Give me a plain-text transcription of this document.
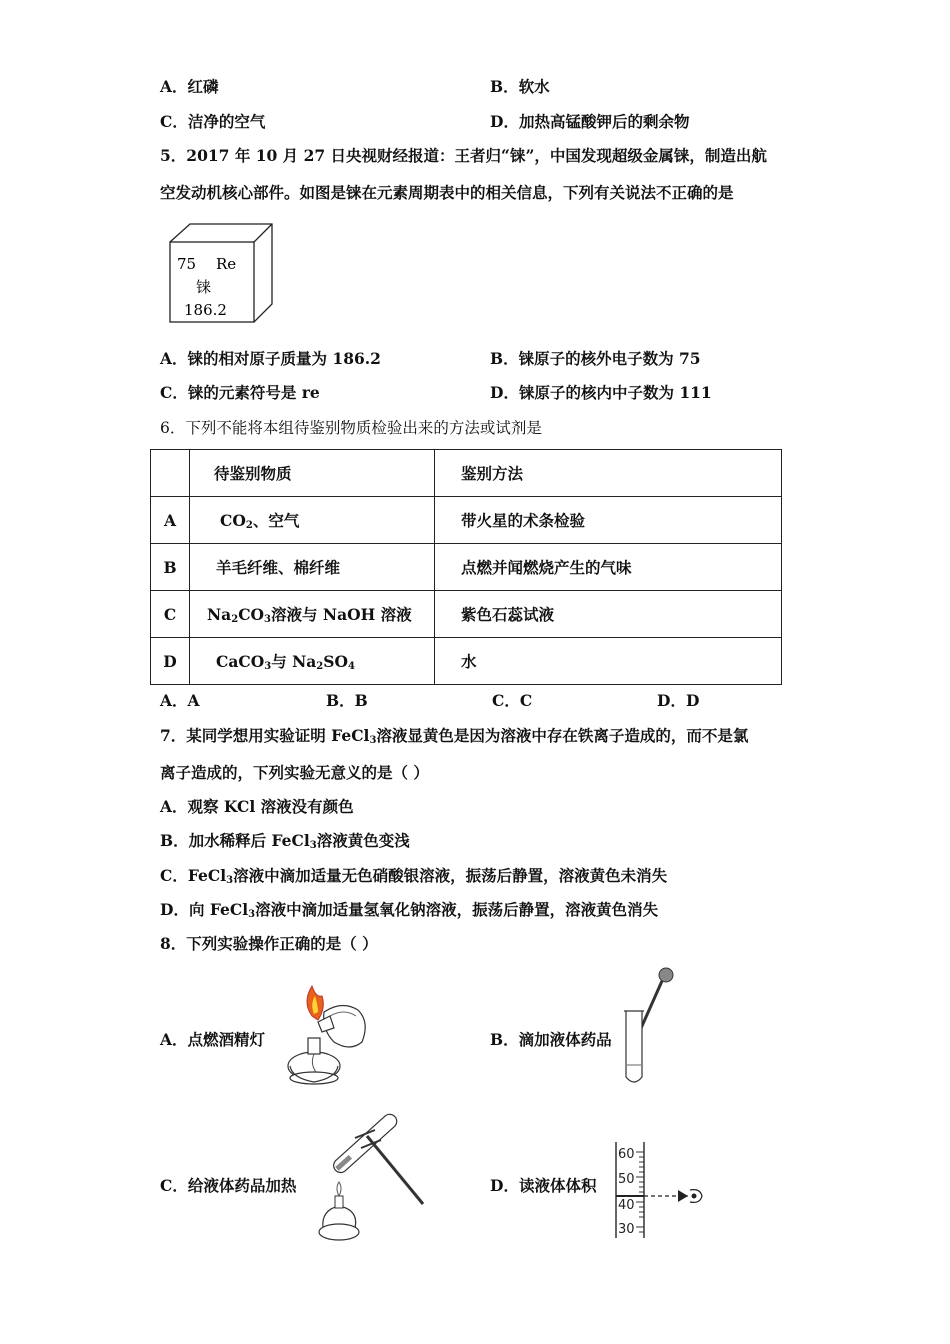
A．红磷	B．软水
C．洁净的空气	D．加热高锰酸钾后的剩余物
5．2017 年 10 月 27 日央视财经报道：王者归“铼”，中国发现超级金属铼，制造出航
空发动机核心部件。如图是铼在元素周期表中的相关信息，下列有关说法不正确的是
75 Re
铼
186.2
A．铼的相对原子质量为 186.2	B．铼原子的核外电子数为 75
C．铼的元素符号是 re	D．铼原子的核内中子数为 111
6．下列不能将本组待鉴别物质检验出来的方法或试剂是
	待鉴别物质	鉴别方法
A	$CO_2$、空气	带火星的术条检验
B	羊毛纤维、棉纤维	点燃并闻燃烧产生的气味
C	$Na_2CO_3$溶液与 NaOH 溶液	紫色石蕊试液
D	CaCO$_3$与 $Na_2SO_4$	水
A．A	B．B	C．C	D．D
7．某同学想用实验证明 FeCl$_3$溶液显黄色是因为溶液中存在铁离子造成的，而不是氯
离子造成的，下列实验无意义的是（ ）
A．观察 KCl 溶液没有颜色
B．加水稀释后 FeCl$_3$溶液黄色变浅
C．FeCl$_3$溶液中滴加适量无色硝酸银溶液，振荡后静置，溶液黄色未消失
D．向 FeCl$_3$溶液中滴加适量氢氧化钠溶液，振荡后静置，溶液黄色消失
8．下列实验操作正确的是（ ）
A．点燃酒精灯	B．滴加液体药品
C．给液体药品加热	D．读液体体积
60
50
40
30
